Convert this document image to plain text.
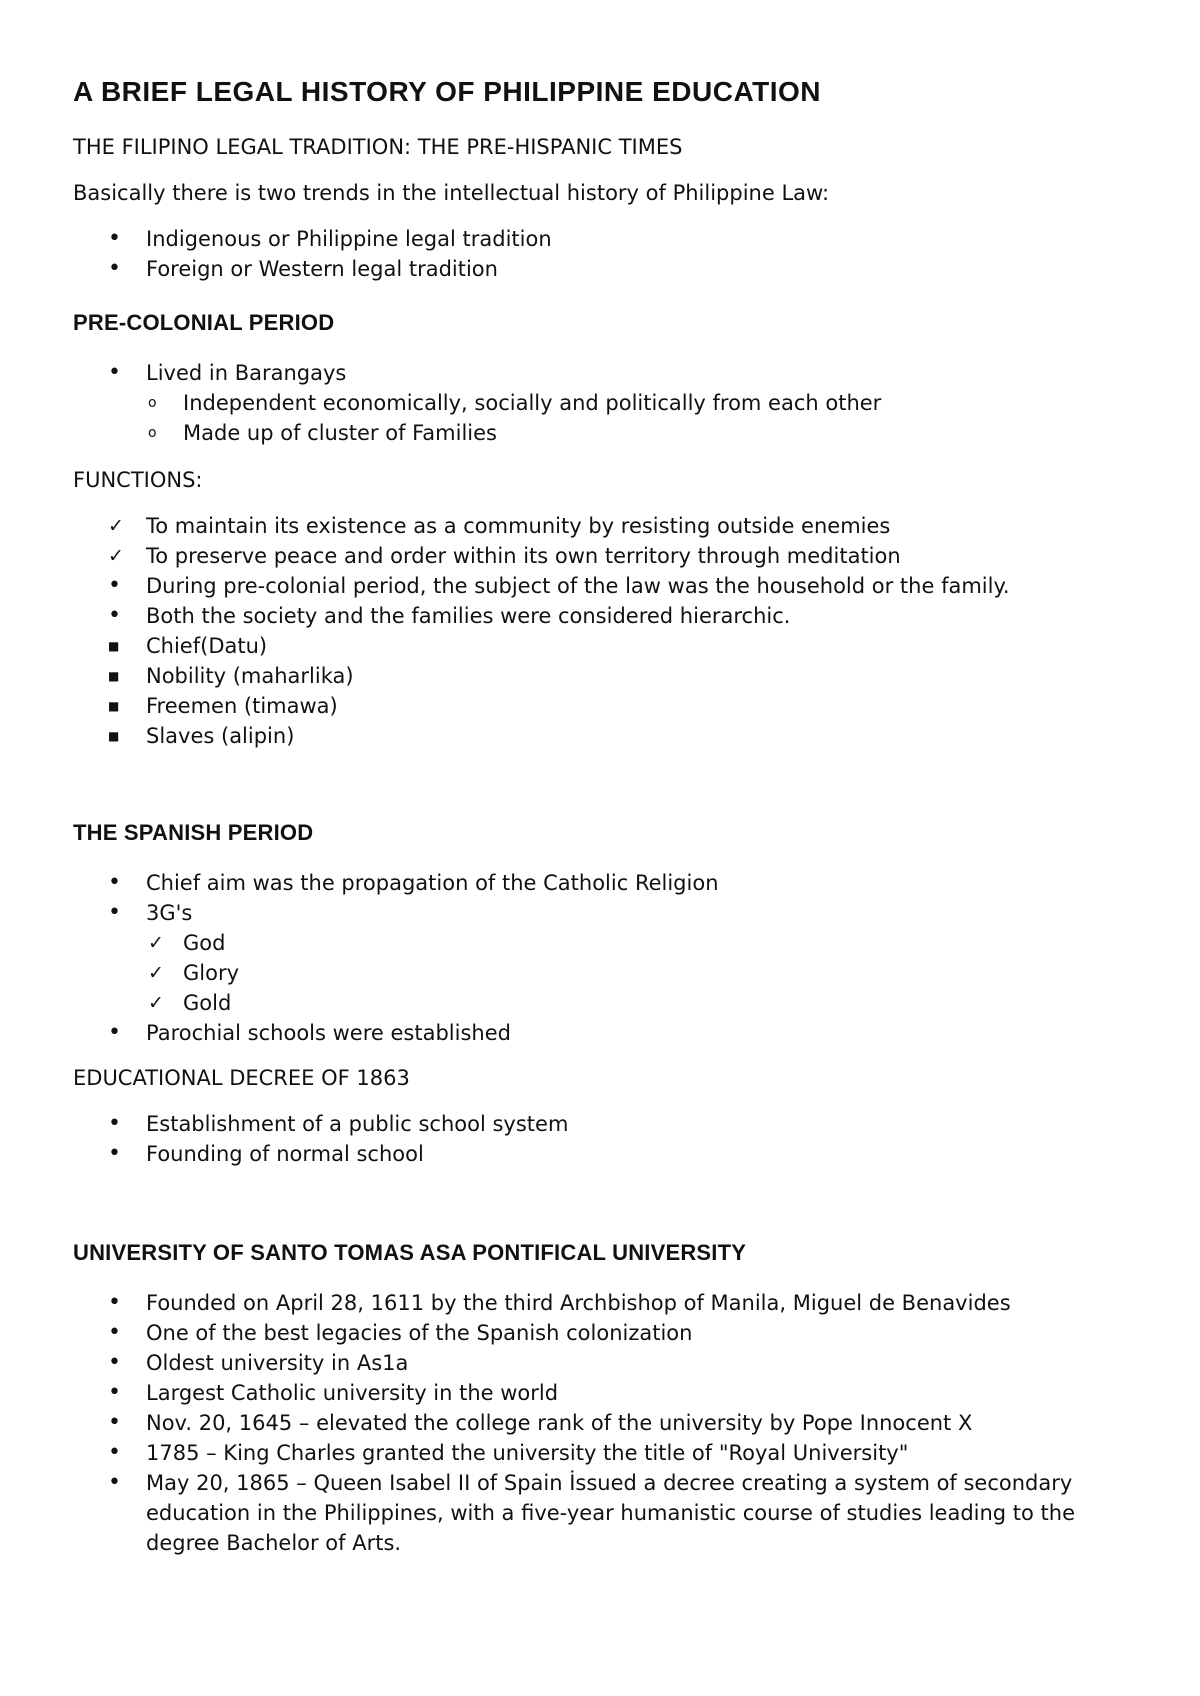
A BRIEF LEGAL HISTORY OF PHILIPPINE EDUCATION

THE FILIPINO LEGAL TRADITION: THE PRE-HISPANIC TIMES

Basically there is two trends in the intellectual history of Philippine Law:

• Indigenous or Philippine legal tradition
• Foreign or Western legal tradition
PRE-COLONIAL PERIOD
• Lived in Barangays
o Independent economically, socially and politically from each other
o Made up of cluster of Families

FUNCTIONS:

✓ To maintain its existence as a community by resisting outside enemies
✓ To preserve peace and order within its own territory through meditation
• During pre-colonial period, the subject of the law was the household or the family.
• Both the society and the families were considered hierarchic.
■ Chief(Datu)
■ Nobility (maharlika)
■ Freemen (timawa)
■ Slaves (alipin)
THE SPANISH PERIOD
• Chief aim was the propagation of the Catholic Religion
• 3G's
✓ God
✓ Glory
✓ Gold
• Parochial schools were established

EDUCATIONAL DECREE OF 1863

• Establishment of a public school system
• Founding of normal school
UNIVERSITY OF SANTO TOMAS ASA PONTIFICAL UNIVERSITY
• Founded on April 28, 1611 by the third Archbishop of Manila, Miguel de Benavides
• One of the best legacies of the Spanish colonization
• Oldest university in As1a
• Largest Catholic university in the world
• Nov. 20, 1645 – elevated the college rank of the university by Pope Innocent X
• 1785 – King Charles granted the university the title of "Royal University"
• May 20, 1865 – Queen Isabel II of Spain İssued a decree creating a system of secondary
education in the Philippines, with a five-year humanistic course of studies leading to the
degree Bachelor of Arts.
